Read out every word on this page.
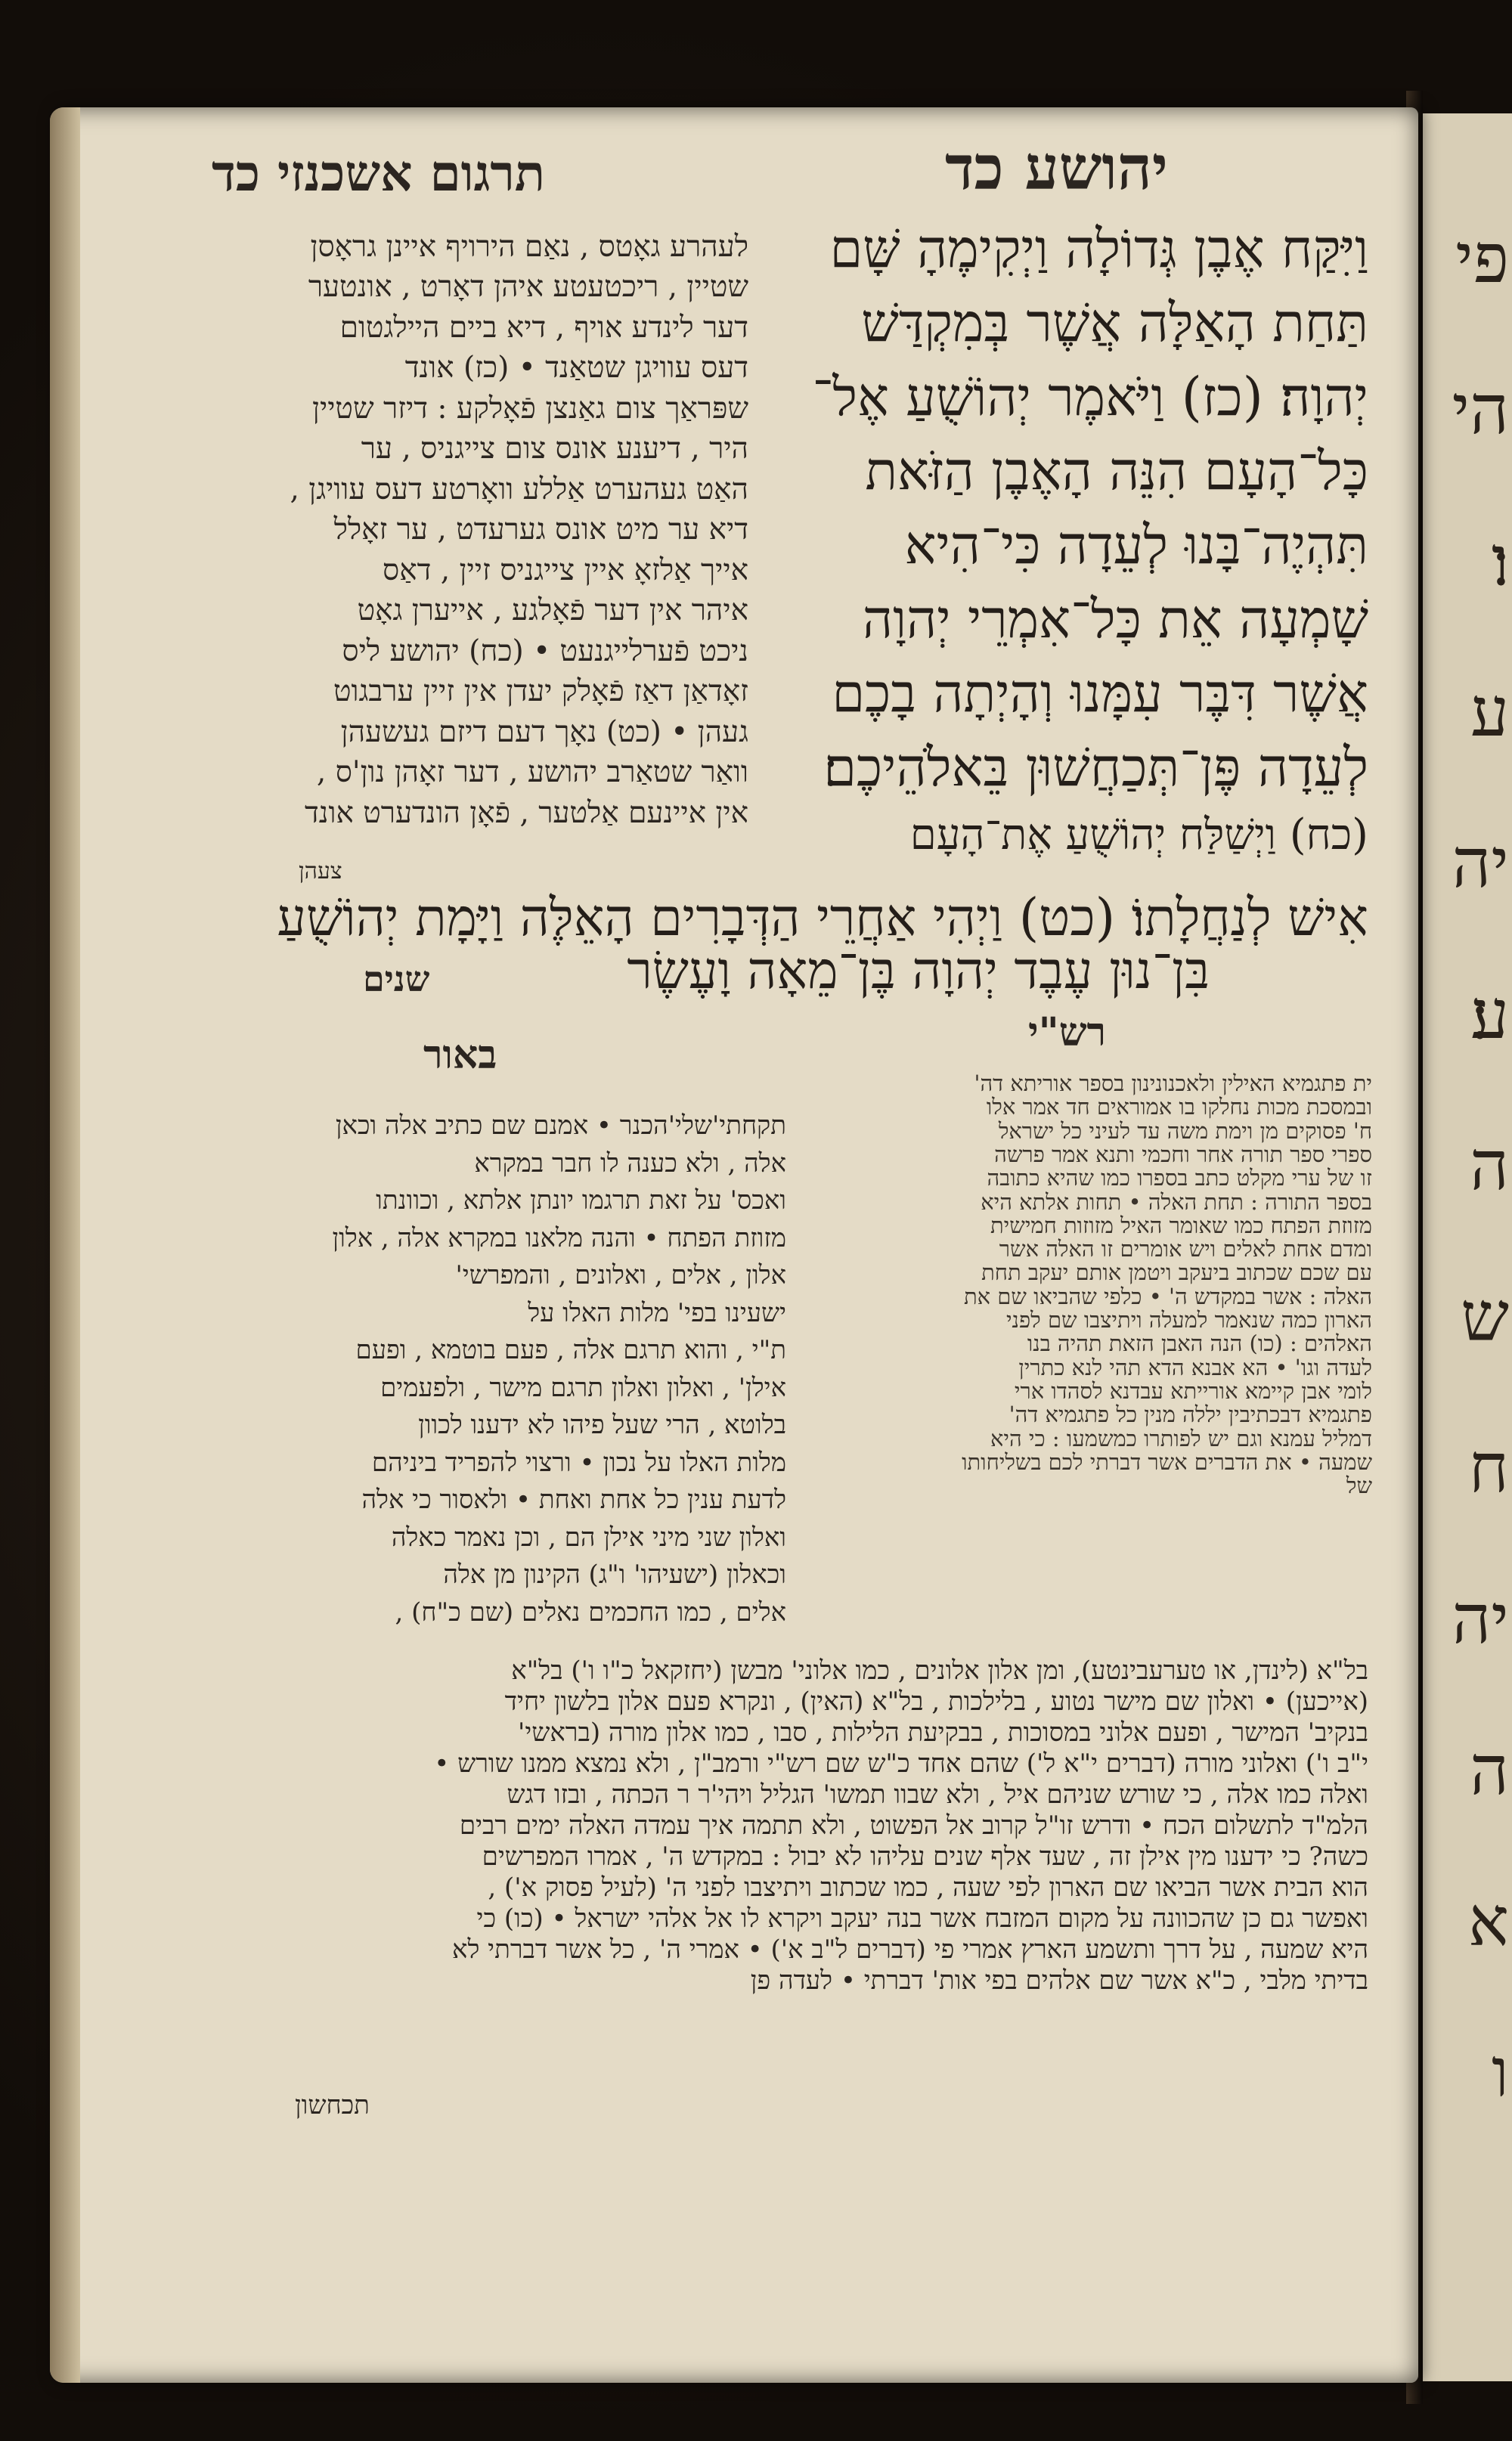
פי
הי
ו׃
ע
יה
ע׃
ה
ש
ח
יה
ה
א
ו
תרגום אשכנזי כד	יהושע כד
וַיִּקַּח אֶבֶן גְּדוֹלָה וַיְקִימֶהָ שָּׁם
תַּחַת הָאַלָּה אֲשֶׁר בְּמִקְדַּשׁ
יְהוָה׃ (כז) וַיֹּאמֶר יְהוֹשֻׁעַ אֶל־
כָּל־הָעָם הִנֵּה הָאֶבֶן הַזֹּאת
תִּהְיֶה־בָּנוּ לְעֵדָה כִּי־הִיא
שָׁמְעָה אֵת כָּל־אִמְרֵי יְהוָה
אֲשֶׁר דִּבֶּר עִמָּנוּ וְהָיְתָה בָכֶם
לְעֵדָה פֶּן־תְּכַחֲשׁוּן בֵּאלֹהֵיכֶם׃
(כח) וַיְשַׁלַּח יְהוֹשֻׁעַ אֶת־הָעָם
לעהרע גאָטס , נאַם הירויף איינן גראָסן
שטיין , ריכטעטע איהן דאָרט , אונטער
דער לינדע אויף , דיא ביים היילגטום
דעס עוויגן שטאַנד • (כז) אונד
שפּראַך צום גאַנצן פֿאָלקע : דיזר שטיין
היר , דיענע אונס צום צייגניס , ער
האַט געהערט אַללע וואָרטע דעס עוויגן ,
דיא ער מיט אונס גערעדט , ער זאָלל
אייך אַלזאָ איין צייגניס זיין , דאַס
איהר אין דער פֿאָלגע , אייערן גאָט
ניכט פֿערלייגנעט • (כח) יהושע ליס
זאָדאַן דאַז פֿאָלק יעדן אין זיין ערבגוט
געהן • (כט) נאָך דעם דיזם געשעהן
וואַר שטאַרב יהושע , דער זאָהן נון'ס ,
אין איינעם אַלטער , פֿאָן הונדערט אונד
צעהן
אִישׁ לְנַחֲלָתוֹ׃ (כט) וַיְהִי אַחֲרֵי הַדְּבָרִים הָאֵלֶּה וַיָּמָת יְהוֹשֻׁעַ
בִּן־נוּן עֶבֶד יְהוָה בֶּן־מֵאָה וָעֶשֶׂר
שנים
רש"י
באור
ית פתגמיא האילין ולאכנונינון בספר אוריתא דה'
ובמסכת מכות נחלקו בו אמוראים חד אמר אלו
ח' פסוקים מן וימת משה עד לעיני כל ישראל
ספרי ספר תורה אחר וחכמי ותנא אמר פרשה
זו של ערי מקלט כתב בספרו כמו שהיא כתובה
בספר התורה : תחת האלה • תחות אלתא היא
מזוזת הפתח כמו שאומר האיל מזוזות חמישית
ומדם אחת לאלים ויש אומרים זו האלה אשר
עם שכם שכתוב ביעקב ויטמן אותם יעקב תחת
האלה : אשר במקדש ה' • כלפי שהביאו שם את
הארון כמה שנאמר למעלה ויתיצבו שם לפני
האלהים : (כו) הנה האבן הזאת תהיה בנו
לעדה וגו' • הא אבנא הדא תהי לנא כתרין
לומי אבן קיימא אורייתא עבדנא לסהדו ארי
פתגמיא דבכתיבין יללה מנין כל פתגמיא דה'
דמליל עמנא וגם יש לפותרו כמשמעו : כי היא
שמעה • את הדברים אשר דברתי לכם בשליחותו
של
תקחתי'שלי'הכנר • אמנם שם כתיב אלה וכאן
אלה , ולא כענה לו חבר במקרא
ואכס' על זאת תרגמו יונתן אלתא , וכוונתו
מזוזת הפתח • והנה מלאנו במקרא אלה , אלון
אלון , אלים , ואלונים , והמפרשי'
ישעינו בפי' מלות האלו על
ת"י , והוא תרגם אלה , פעם בוטמא , ופעם
אילן' , ואלון ואלון תרגם מישר , ולפעמים
בלוטא , הרי שעל פיהו לא ידענו לכוון
מלות האלו על נכון • ורצוי להפריד ביניהם
לדעת ענין כל אחת ואחת • ולאסור כי אלה
ואלון שני מיני אילן הם , וכן נאמר כאלה
וכאלון (ישעיהו' ו"ג) הקינון מן אלה
אלים , כמו החכמים נאלים (שם כ"ח) ,
בל"א (לינדן, או טערעבינטע), ומן אלון אלונים , כמו אלוני' מבשן (יחזקאל כ"ו ו') בל"א
(אייכען) • ואלון שם מישר נטוע , בלילכות , בל"א (האין) , ונקרא פעם אלון בלשון יחיד
בנקיב' המישר , ופעם אלוני במסוכות , בבקיעת הלילות , סבו , כמו אלון מורה (בראשי'
י"ב ו') ואלוני מורה (דברים י"א ל') שהם אחד כ"ש שם רש"י ורמב"ן , ולא נמצא ממנו שורש •
ואלה כמו אלה , כי שורש שניהם איל , ולא שבוו תמשו' הגליל ויהי'ר ר הכתה , ובזו דגש
הלמ"ד לתשלום הכח • ודרש זו"ל קרוב אל הפשוט , ולא תתמה איך עמדה האלה ימים רבים
כשה? כי ידענו מין אילן זה , שעד אלף שנים עליהו לא יבול : במקדש ה' , אמרו המפרשים
הוא הבית אשר הביאו שם הארון לפי שעה , כמו שכתוב ויתיצבו לפני ה' (לעיל פסוק א') ,
ואפשר גם כן שהכוונה על מקום המזבח אשר בנה יעקב ויקרא לו אל אלהי ישראל • (כו) כי
היא שמעה , על דרך ותשמע הארץ אמרי פי (דברים ל"ב א') • אמרי ה' , כל אשר דברתי לא
בדיתי מלבי , כ"א אשר שם אלהים בפי אות' דברתי • לעדה פן
תכחשון
